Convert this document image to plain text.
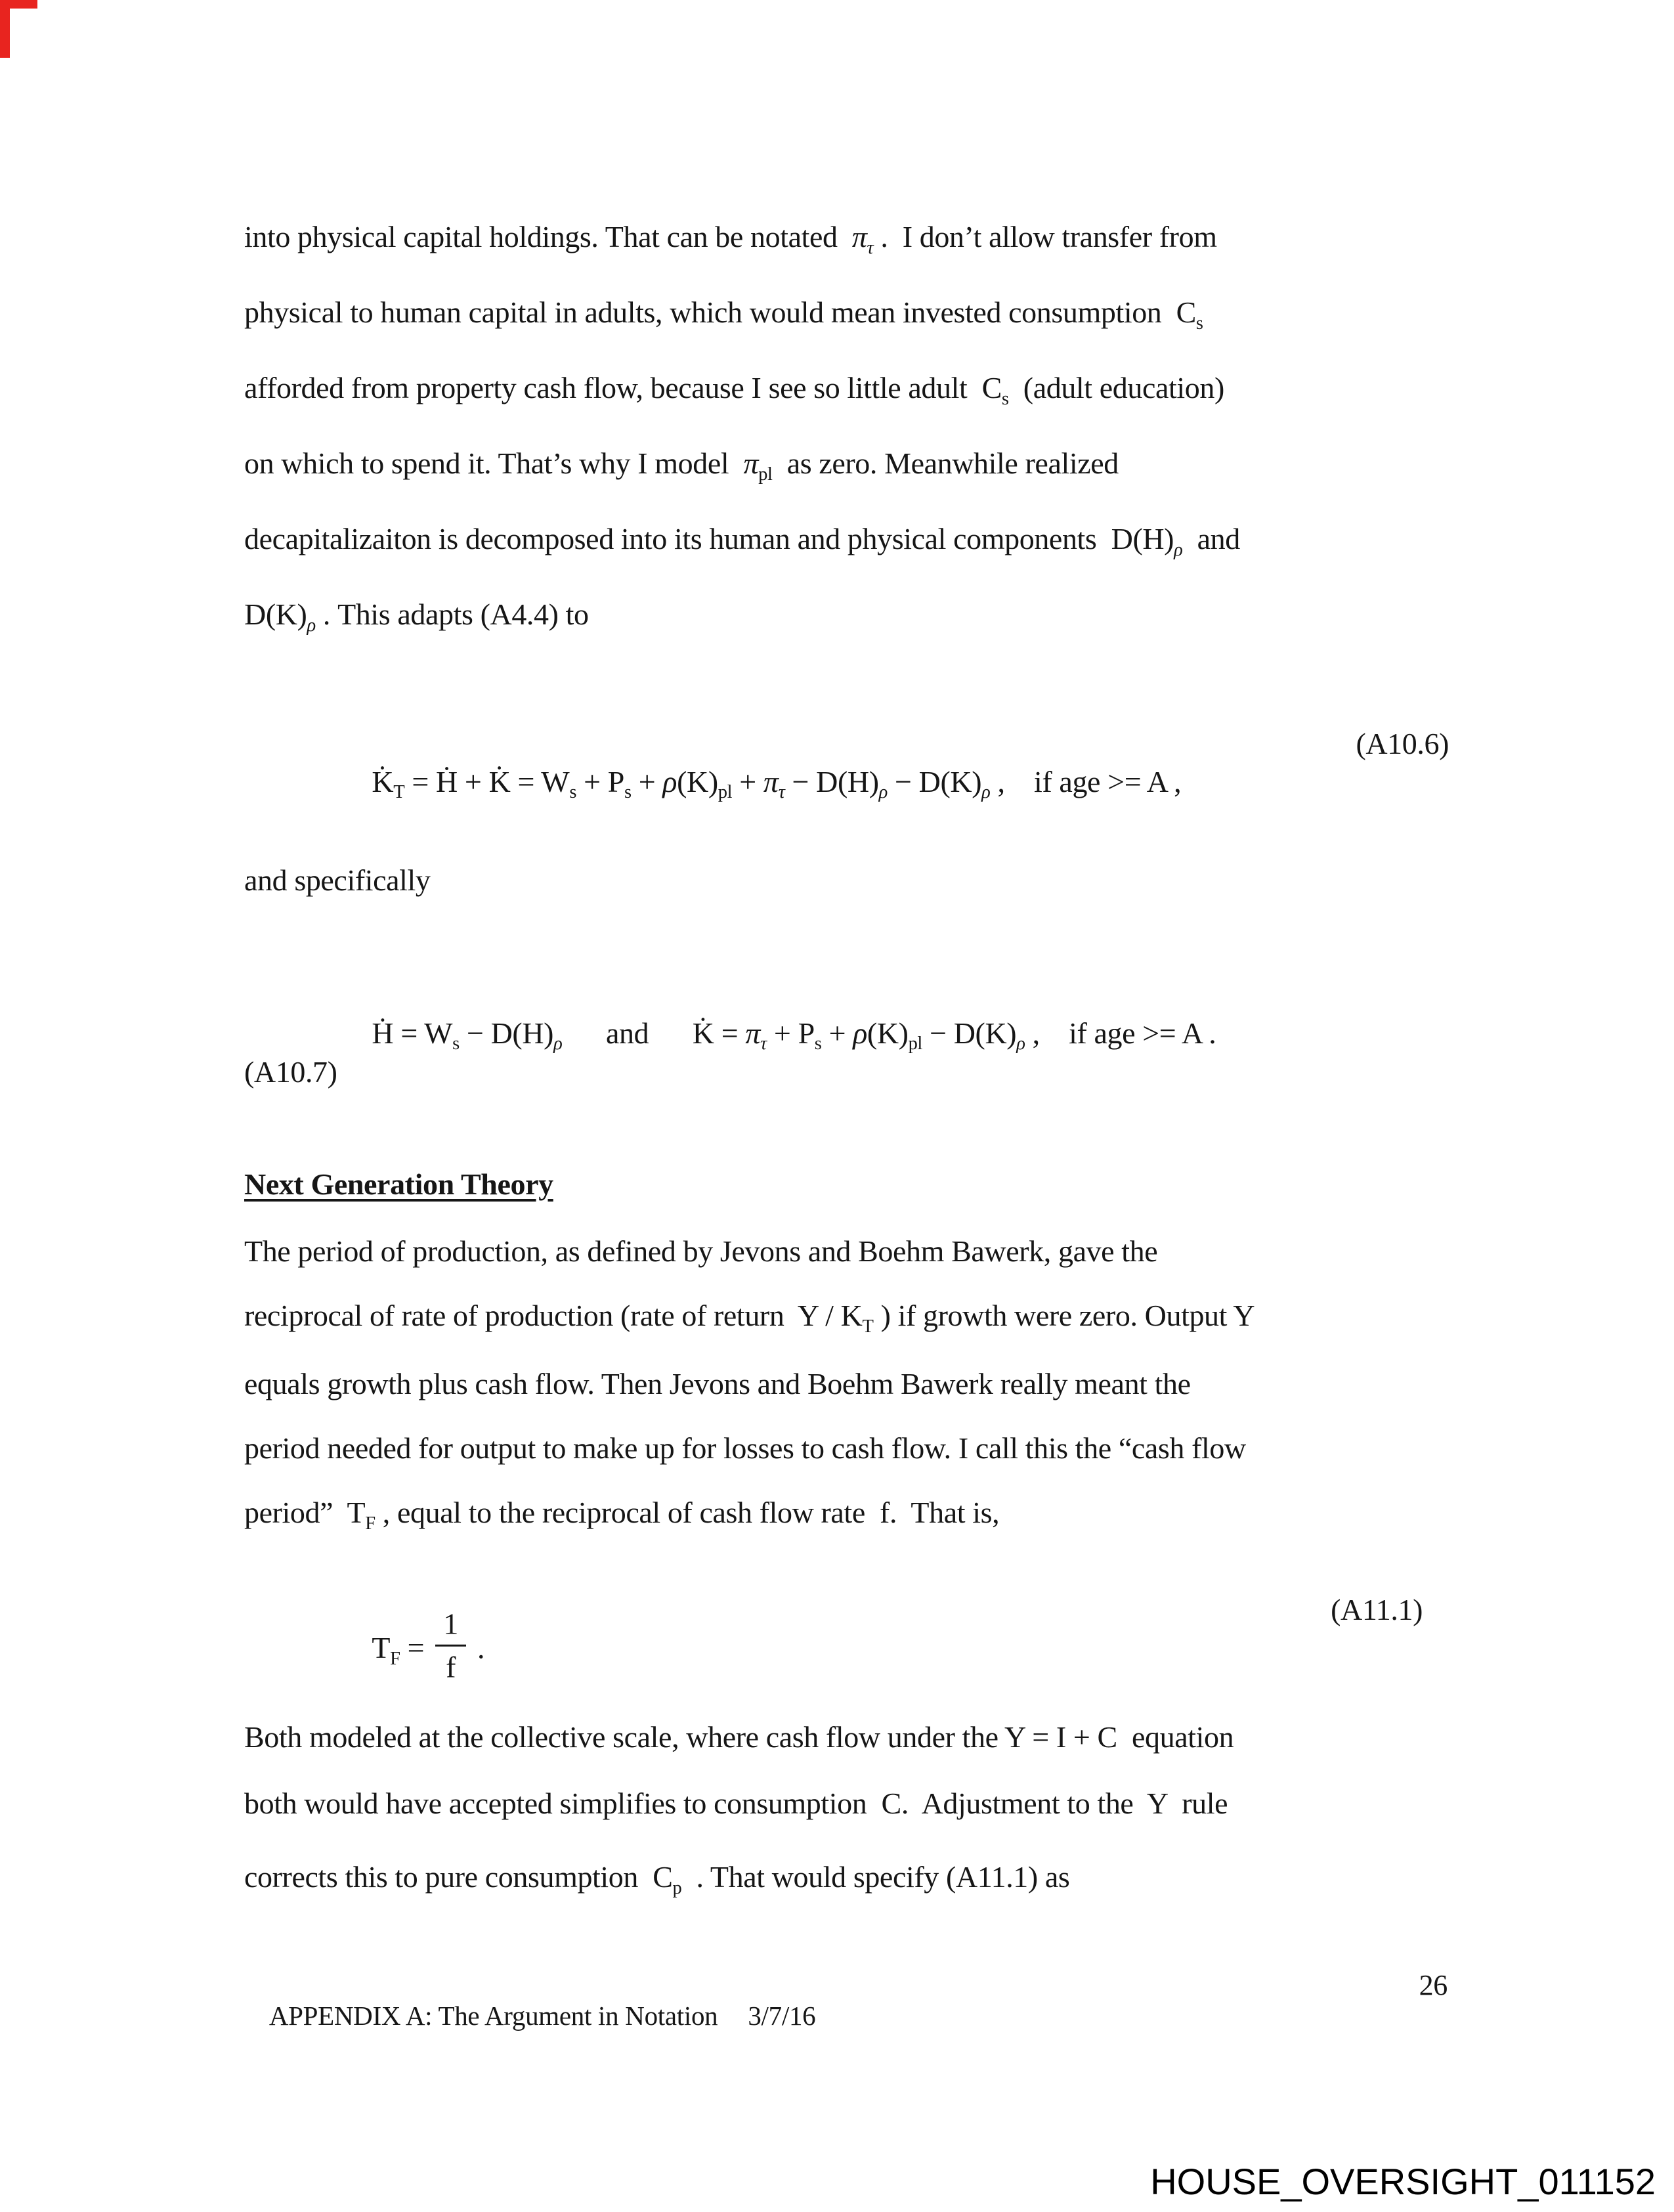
into physical capital holdings. That can be notated  $\pi_\tau$ .  I don’t allow transfer from
physical to human capital in adults, which would mean invested consumption  $C_s$
afforded from property cash flow, because I see so little adult  $C_s$  (adult education)
on which to spend it. That’s why I model  $\pi_{pl}$  as zero. Meanwhile realized
decapitalizaiton is decomposed into its human and physical components  $D(H)_\rho$  and
$D(K)_\rho$ . This adapts (A4.4) to

$K̇_T$ = Ḣ + K̇ = $W_s + P_s + \rho(K)_{pl} + \pi_\tau - D(H)_\rho - D(K)_\rho$ ,    if age >= A ,

(A10.6)

and specifically

Ḣ = $W_s - D(H)_\rho$      and      K̇ = $\pi_\tau + P_s + \rho(K)_{pl} - D(K)_\rho$ ,    if age >= A .

(A10.7)
Next Generation Theory
The period of production, as defined by Jevons and Boehm Bawerk, gave the
reciprocal of rate of production (rate of return  Y / $K_T$ ) if growth were zero. Output Y
equals growth plus cash flow. Then Jevons and Boehm Bawerk really meant the
period needed for output to make up for losses to cash flow. I call this the “cash flow
period”  $T_F$ , equal to the reciprocal of cash flow rate  f.  That is,

$T_F = \frac{1}{f}$ .

(A11.1)

Both modeled at the collective scale, where cash flow under the Y = I + C  equation
both would have accepted simplifies to consumption  C.  Adjustment to the  Y  rule
corrects this to pure consumption  $C_p$  . That would specify (A11.1) as

APPENDIX A: The Argument in Notation 3/7/16

26

HOUSE_OVERSIGHT_011152
